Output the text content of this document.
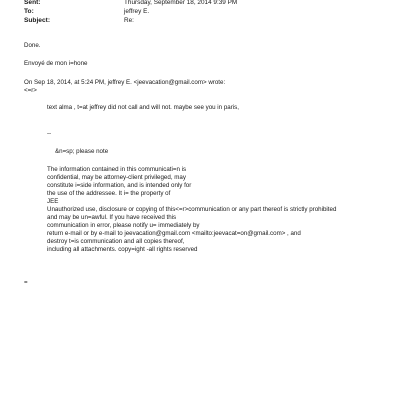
Sent:	Thursday, September 18, 2014 9:39 PM
To:	jeffrey E.
Subject:	Re:
Done.
Envoyé de mon i=hone
On Sep 18, 2014, at 5:24 PM, jeffrey E. <jeevacation@gmail.com> wrote:
<=r>
text alma , t=at jeffrey did not call and will not. maybe see you in paris,
--
&n=sp; please note
The information contained in this communicati=n is
confidential, may be attorney-client privileged, may
constitute i=side information, and is intended only for
the use of the addressee. It i= the property of
JEE
Unauthorized use, disclosure or copying of this<=r>communication or any part thereof is strictly prohibited
and may be un=awful. If you have received this
communication in error, please notify u= immediately by
return e-mail or by e-mail to jeevacation@gmail.com <mailto:jeevacat=on@gmail.com> , and
destroy t=is communication and all copies thereof,
including all attachments. copy=ight -all rights reserved
=
